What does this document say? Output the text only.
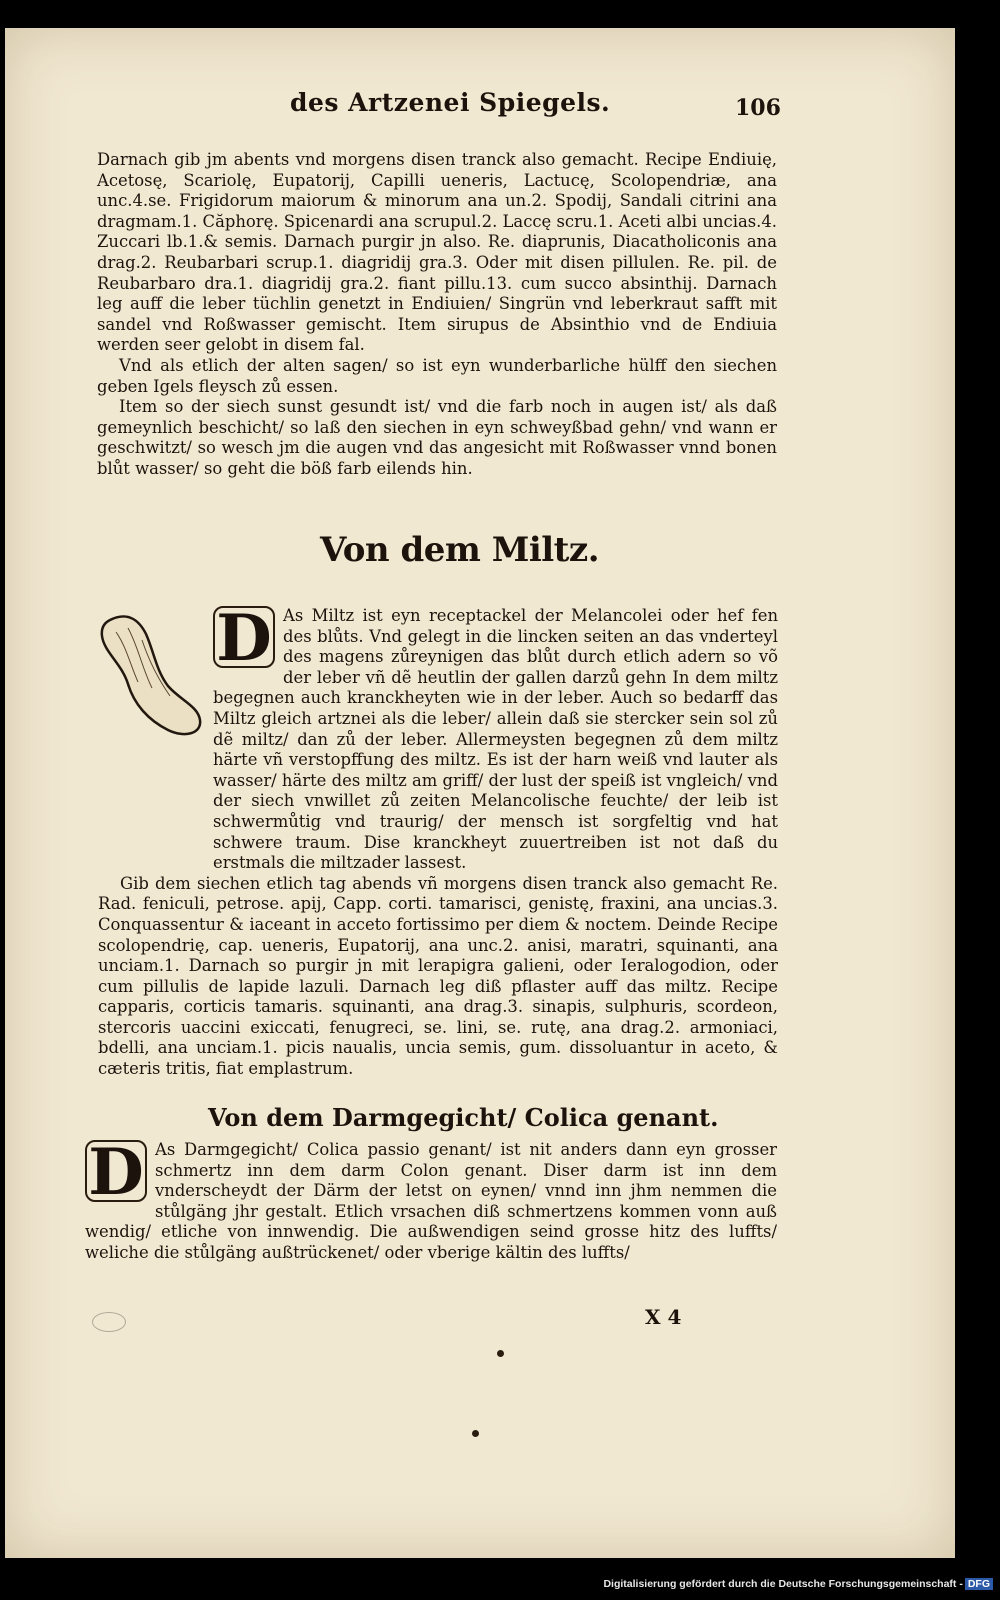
des Artzenei Spiegels.	106

Darnach gib jm abents vnd morgens disen tranck also gemacht. Recipe Endiuię, Acetosę, Scariolę, Eupatorij, Capilli ueneris, Lactucę, Scolopendriæ, ana unc.4.se. Frigidorum maiorum & minorum ana un.2. Spodij, Sandali citrini ana dragmam.1. Căphorę. Spicenardi ana scrupul.2. Laccę scru.1. Aceti albi uncias.4. Zuccari lb.1.& semis. Darnach purgir jn also. Re. diaprunis, Diacatholiconis ana drag.2. Reubarbari scrup.1. diagridij gra.3. Oder mit disen pillulen. Re. pil. de Reubarbaro dra.1. diagridij gra.2. fiant pillu.13. cum succo absinthij. Darnach leg auff die leber tüchlin genetzt in Endiuien/ Singrün vnd leberkraut safft mit sandel vnd Roßwasser gemischt. Item sirupus de Absinthio vnd de Endiuia werden seer gelobt in disem fal.

Vnd als etlich der alten sagen/ so ist eyn wunderbarliche hülff den siechen geben Igels fleysch zů essen.

Item so der siech sunst gesundt ist/ vnd die farb noch in augen ist/ als daß gemeynlich beschicht/ so laß den siechen in eyn schweyßbad gehn/ vnd wann er geschwitzt/ so wesch jm die augen vnd das angesicht mit Roßwasser vnnd bonen blůt wasser/ so geht die böß farb eilends hin.

Von dem Miltz.

D As Miltz ist eyn receptackel der Melancolei oder hef fen des blůts. Vnd gelegt in die lincken seiten an das vnderteyl des magens zůreynigen das blůt durch etlich adern so võ der leber vñ dẽ heutlin der gallen darzů gehn In dem miltz begegnen auch kranckheyten wie in der leber. Auch so bedarff das Miltz gleich artznei als die leber/ allein daß sie stercker sein sol zů dẽ miltz/ dan zů der leber. Allermeysten begegnen zů dem miltz härte vñ verstopffung des miltz. Es ist der harn weiß vnd lauter als wasser/ härte des miltz am griff/ der lust der speiß ist vngleich/ vnd der siech vnwillet zů zeiten Melancolische feuchte/ der leib ist schwermůtig vnd traurig/ der mensch ist sorgfeltig vnd hat schwere traum. Dise kranckheyt zuuertreiben ist not daß du erstmals die miltzader lassest.

Gib dem siechen etlich tag abends vñ morgens disen tranck also gemacht Re. Rad. feniculi, petrose. apij, Capp. corti. tamarisci, genistę, fraxini, ana uncias.3. Conquassentur & iaceant in acceto fortissimo per diem & noctem. Deinde Recipe scolopendrię, cap. ueneris, Eupatorij, ana unc.2. anisi, maratri, squinanti, ana unciam.1. Darnach so purgir jn mit lerapigra galieni, oder Ieralogodion, oder cum pillulis de lapide lazuli. Darnach leg diß pflaster auff das miltz. Recipe capparis, corticis tamaris. squinanti, ana drag.3. sinapis, sulphuris, scordeon, stercoris uaccini exiccati, fenugreci, se. lini, se. rutę, ana drag.2. armoniaci, bdelli, ana unciam.1. picis naualis, uncia semis, gum. dissoluantur in aceto, & cæteris tritis, fiat emplastrum.

Von dem Darmgegicht/ Colica genant.

D As Darmgegicht/ Colica passio genant/ ist nit anders dann eyn grosser schmertz inn dem darm Colon genant. Diser darm ist inn dem vnderscheydt der Därm der letst on eynen/ vnnd inn jhm nemmen die stůlgäng jhr gestalt. Etlich vrsachen diß schmertzens kommen vonn auß wendig/ etliche von innwendig. Die außwendigen seind grosse hitz des luffts/ weliche die stůlgäng außtrückenet/ oder vberige kältin des luffts/

X 4
Digitalisierung gefördert durch die Deutsche Forschungsgemeinschaft - DFG
